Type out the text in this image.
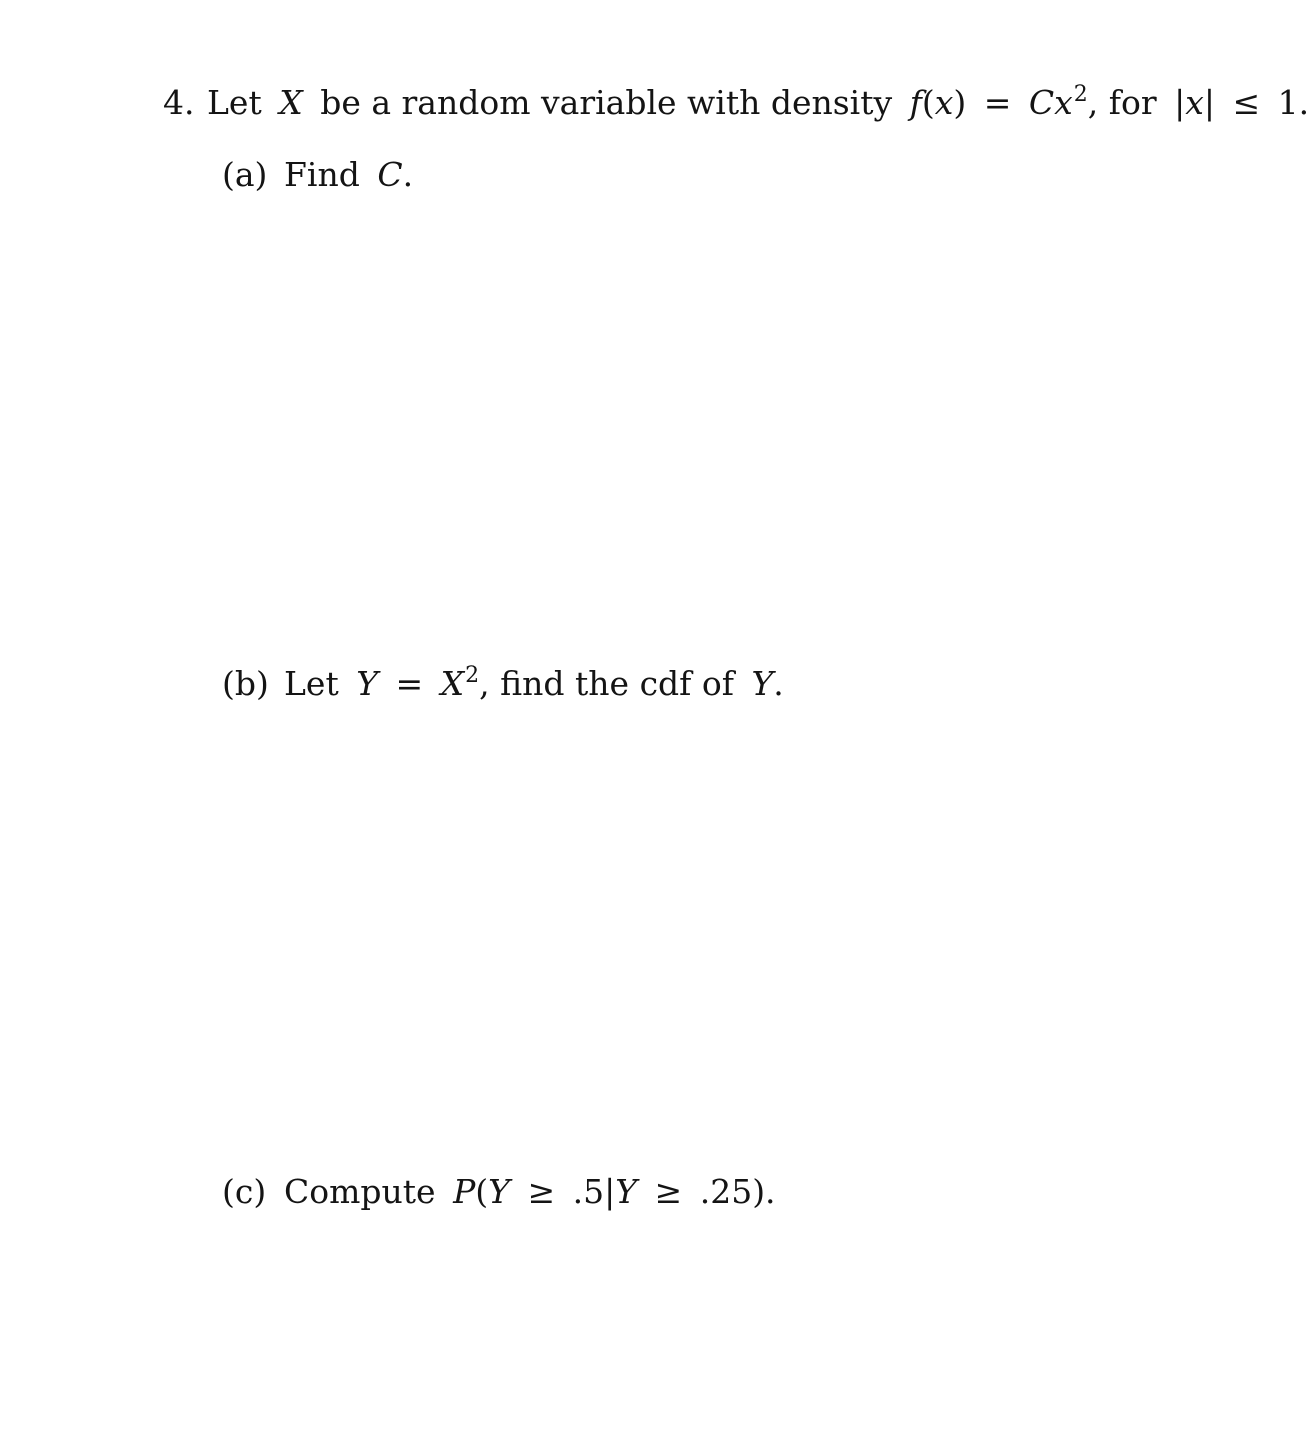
4. Let X be a random variable with density $f(x) = Cx^2$, for |x| ≤ 1.
(a) Find C.
(b) Let $Y = X^2$, find the cdf of Y.
(c) Compute P(Y ≥ .5|Y ≥ .25).
